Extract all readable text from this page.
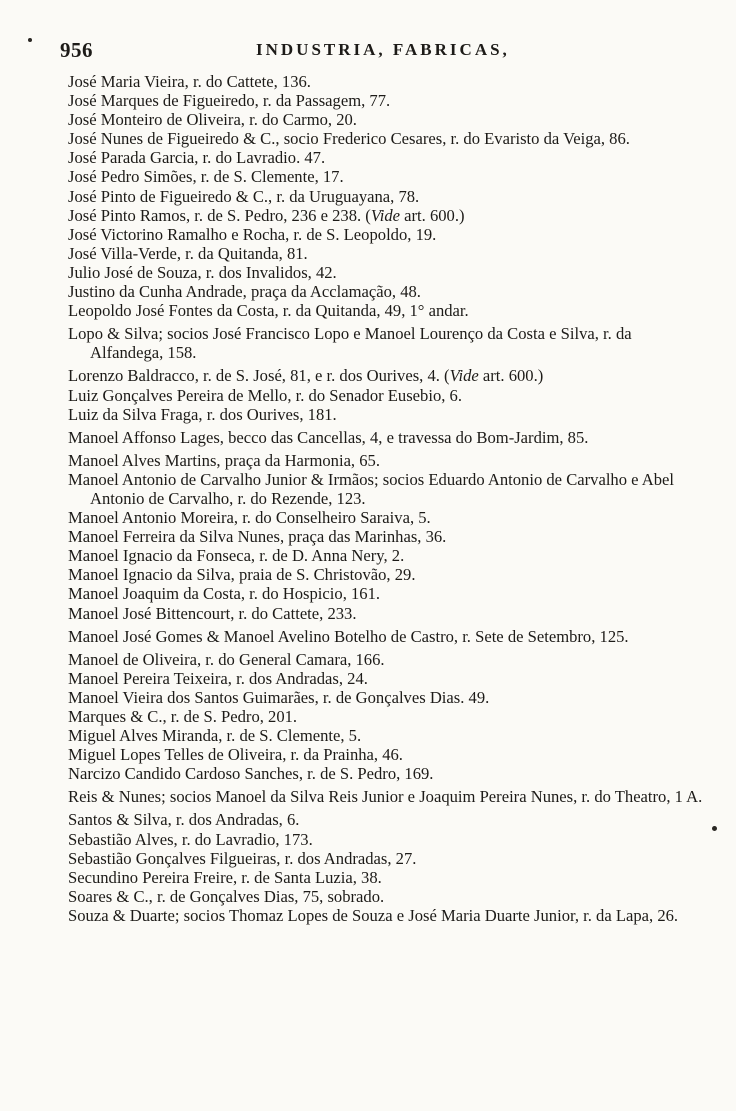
956	INDUSTRIA, FABRICAS,
José Maria Vieira, r. do Cattete, 136.
José Marques de Figueiredo, r. da Passagem, 77.
José Monteiro de Oliveira, r. do Carmo, 20.
José Nunes de Figueiredo & C., socio Frederico Cesares, r. do Evaristo da Veiga, 86.
José Parada Garcia, r. do Lavradio. 47.
José Pedro Simões, r. de S. Clemente, 17.
José Pinto de Figueiredo & C., r. da Uruguayana, 78.
José Pinto Ramos, r. de S. Pedro, 236 e 238. (Vide art. 600.)
José Victorino Ramalho e Rocha, r. de S. Leopoldo, 19.
José Villa-Verde, r. da Quitanda, 81.
Julio José de Souza, r. dos Invalidos, 42.
Justino da Cunha Andrade, praça da Acclamação, 48.
Leopoldo José Fontes da Costa, r. da Quitanda, 49, 1° andar.
Lopo & Silva; socios José Francisco Lopo e Manoel Lourenço da Costa e Silva, r. da Alfandega, 158.
Lorenzo Baldracco, r. de S. José, 81, e r. dos Ourives, 4. (Vide art. 600.)
Luiz Gonçalves Pereira de Mello, r. do Senador Eusebio, 6.
Luiz da Silva Fraga, r. dos Ourives, 181.
Manoel Affonso Lages, becco das Cancellas, 4, e travessa do Bom-Jardim, 85.
Manoel Alves Martins, praça da Harmonia, 65.
Manoel Antonio de Carvalho Junior & Irmãos; socios Eduardo Antonio de Carvalho e Abel Antonio de Carvalho, r. do Rezende, 123.
Manoel Antonio Moreira, r. do Conselheiro Saraiva, 5.
Manoel Ferreira da Silva Nunes, praça das Marinhas, 36.
Manoel Ignacio da Fonseca, r. de D. Anna Nery, 2.
Manoel Ignacio da Silva, praia de S. Christovão, 29.
Manoel Joaquim da Costa, r. do Hospicio, 161.
Manoel José Bittencourt, r. do Cattete, 233.
Manoel José Gomes & Manoel Avelino Botelho de Castro, r. Sete de Setembro, 125.
Manoel de Oliveira, r. do General Camara, 166.
Manoel Pereira Teixeira, r. dos Andradas, 24.
Manoel Vieira dos Santos Guimarães, r. de Gonçalves Dias. 49.
Marques & C., r. de S. Pedro, 201.
Miguel Alves Miranda, r. de S. Clemente, 5.
Miguel Lopes Telles de Oliveira, r. da Prainha, 46.
Narcizo Candido Cardoso Sanches, r. de S. Pedro, 169.
Reis & Nunes; socios Manoel da Silva Reis Junior e Joaquim Pereira Nunes, r. do Theatro, 1 A.
Santos & Silva, r. dos Andradas, 6.
Sebastião Alves, r. do Lavradio, 173.
Sebastião Gonçalves Filgueiras, r. dos Andradas, 27.
Secundino Pereira Freire, r. de Santa Luzia, 38.
Soares & C., r. de Gonçalves Dias, 75, sobrado.
Souza & Duarte; socios Thomaz Lopes de Souza e José Maria Duarte Junior, r. da Lapa, 26.
